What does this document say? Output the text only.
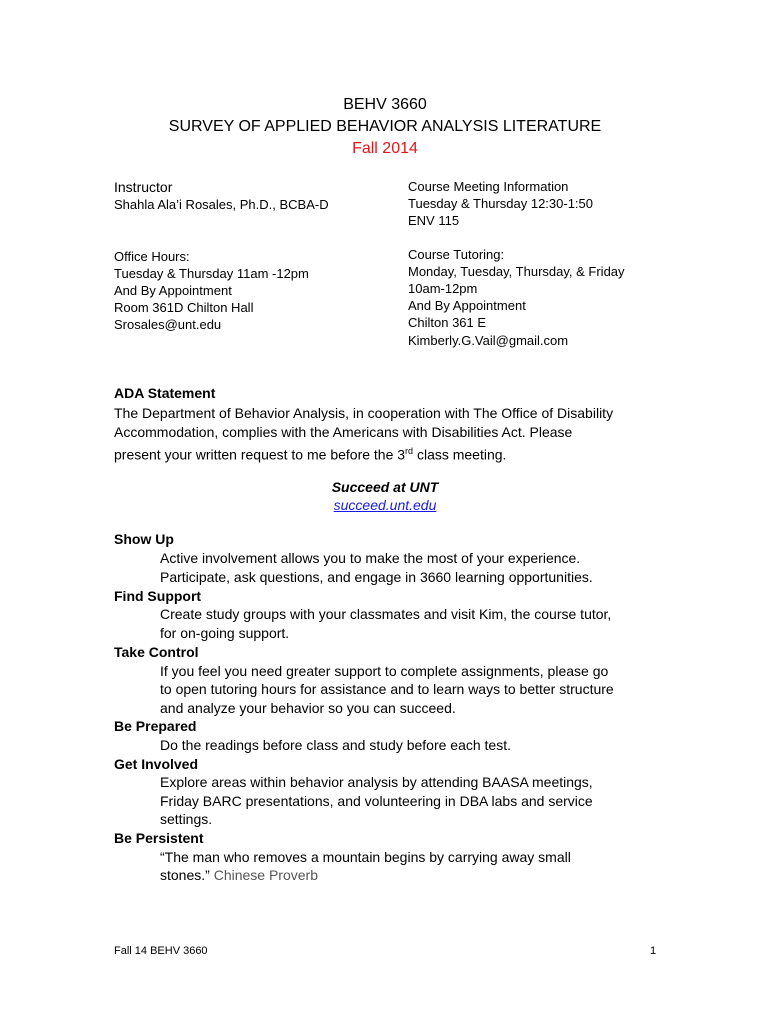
BEHV 3660
SURVEY OF APPLIED BEHAVIOR ANALYSIS LITERATURE
Fall 2014
Instructor
Shahla Ala’i Rosales, Ph.D., BCBA-D
Course Meeting Information
Tuesday & Thursday 12:30-1:50
ENV 115
Office Hours:
Tuesday & Thursday 11am -12pm
And By Appointment
Room 361D Chilton Hall
Srosales@unt.edu
Course Tutoring:
Monday, Tuesday, Thursday, & Friday
10am-12pm
And By Appointment
Chilton 361 E
Kimberly.G.Vail@gmail.com
ADA Statement
The Department of Behavior Analysis, in cooperation with The Office of Disability
Accommodation, complies with the Americans with Disabilities Act. Please
present your written request to me before the 3rd class meeting.
Succeed at UNT
succeed.unt.edu
Show Up
Active involvement allows you to make the most of your experience.
Participate, ask questions, and engage in 3660 learning opportunities.
Find Support
Create study groups with your classmates and visit Kim, the course tutor,
for on-going support.
Take Control
If you feel you need greater support to complete assignments, please go
to open tutoring hours for assistance and to learn ways to better structure
and analyze your behavior so you can succeed.
Be Prepared
Do the readings before class and study before each test.
Get Involved
Explore areas within behavior analysis by attending BAASA meetings,
Friday BARC presentations, and volunteering in DBA labs and service
settings.
Be Persistent
“The man who removes a mountain begins by carrying away small
stones.” Chinese Proverb
Fall 14 BEHV 3660	1
